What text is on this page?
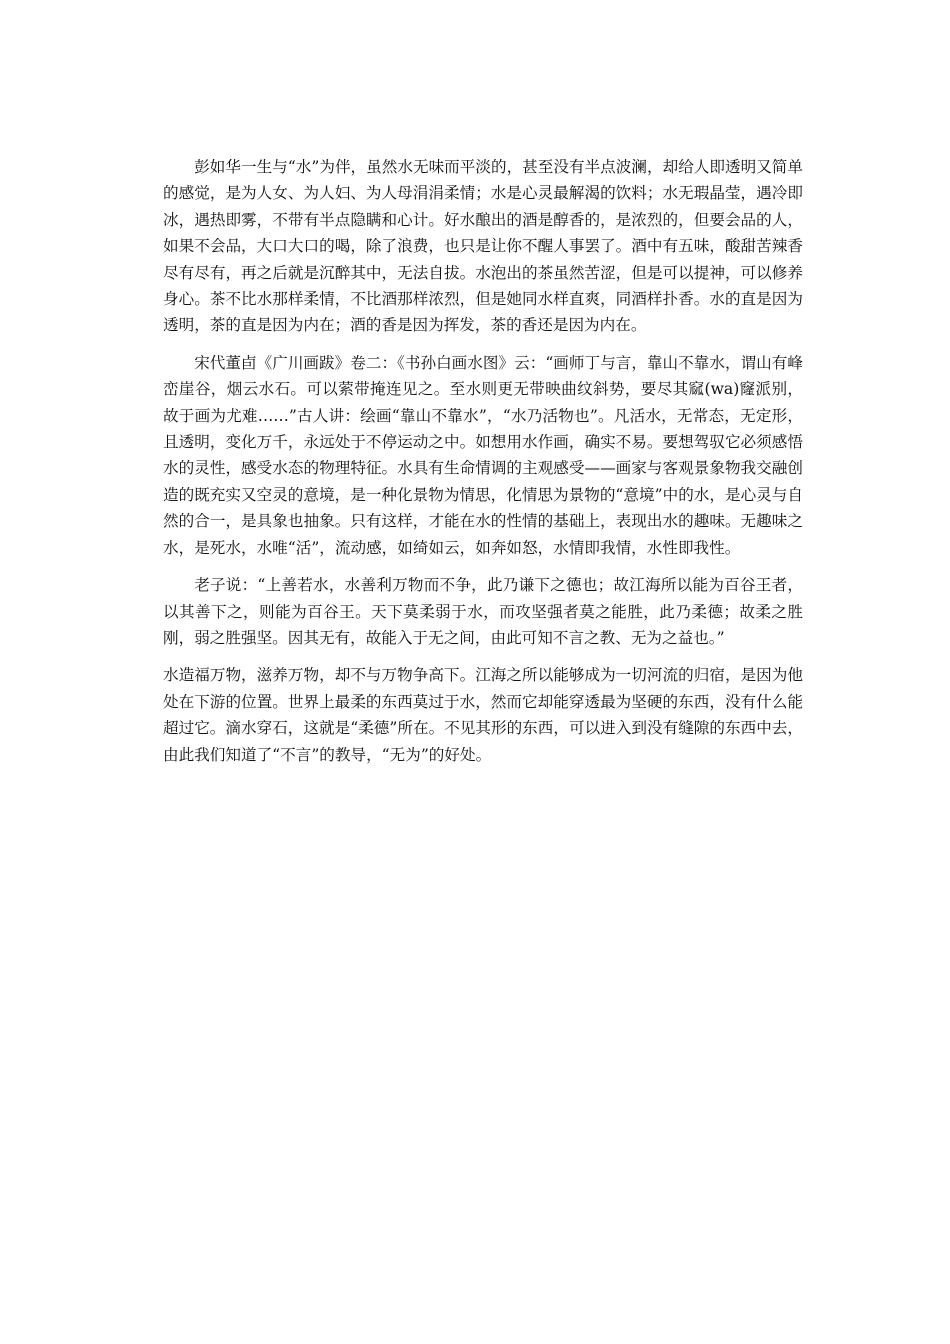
彭如华一生与“水”为伴，虽然水无味而平淡的，甚至没有半点波澜，却给人即透明又简单的感觉，是为人女、为人妇、为人母涓涓柔情；水是心灵最解渴的饮料；水无瑕晶莹，遇冷即冰，遇热即雾，不带有半点隐瞒和心计。好水酿出的酒是醇香的，是浓烈的，但要会品的人，如果不会品，大口大口的喝，除了浪费，也只是让你不醒人事罢了。酒中有五味，酸甜苦辣香尽有尽有，再之后就是沉醉其中，无法自拔。水泡出的茶虽然苦涩，但是可以提神，可以修养身心。茶不比水那样柔情，不比酒那样浓烈，但是她同水样直爽，同酒样扑香。水的直是因为透明，茶的直是因为内在；酒的香是因为挥发，茶的香还是因为内在。

宋代董卣《广川画跋》卷二：《书孙白画水图》云：“画师丁与言，靠山不靠水，谓山有峰峦崖谷，烟云水石。可以萦带掩连见之。至水则更无带映曲纹斜势，要尽其窳(wa)窿派别，故于画为尤难……”古人讲：绘画“靠山不靠水”，“水乃活物也”。凡活水，无常态，无定形，且透明，变化万千，永远处于不停运动之中。如想用水作画，确实不易。要想驾驭它必须感悟水的灵性，感受水态的物理特征。水具有生命情调的主观感受——画家与客观景象物我交融创造的既充实又空灵的意境，是一种化景物为情思，化情思为景物的“意境”中的水，是心灵与自然的合一，是具象也抽象。只有这样，才能在水的性情的基础上，表现出水的趣味。无趣味之水，是死水，水唯“活”，流动感，如绮如云，如奔如怒，水情即我情，水性即我性。

老子说：“上善若水，水善利万物而不争，此乃谦下之德也；故江海所以能为百谷王者，以其善下之，则能为百谷王。天下莫柔弱于水，而攻坚强者莫之能胜，此乃柔德；故柔之胜刚，弱之胜强坚。因其无有，故能入于无之间，由此可知不言之教、无为之益也。”

水造福万物，滋养万物，却不与万物争高下。江海之所以能够成为一切河流的归宿，是因为他处在下游的位置。世界上最柔的东西莫过于水，然而它却能穿透最为坚硬的东西，没有什么能超过它。滴水穿石，这就是“柔德”所在。不见其形的东西，可以进入到没有缝隙的东西中去，由此我们知道了“不言”的教导，“无为”的好处。
